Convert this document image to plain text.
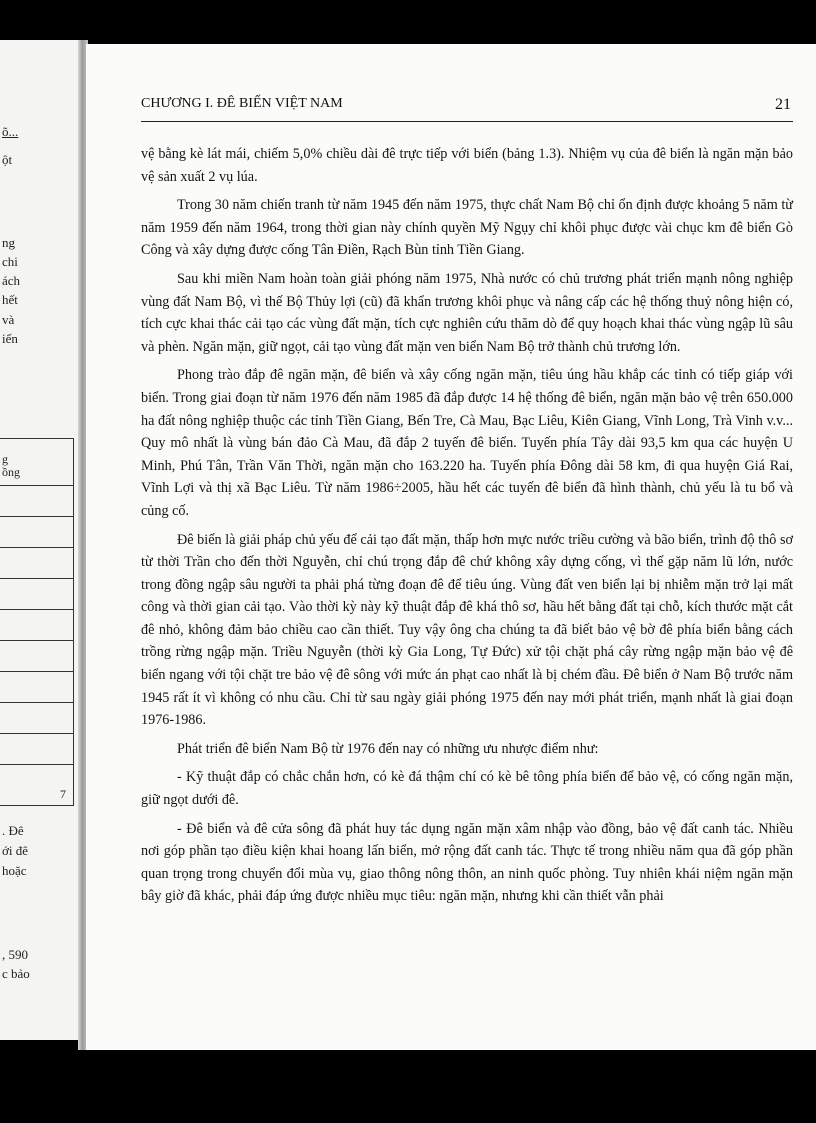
õ...
ột
ng
chi
ách
hết
và
iến
g
ồng
7
. Đê
ới đê
hoặc
, 590
c bảo
CHƯƠNG I. ĐÊ BIỂN VIỆT NAM	21

vệ bằng kè lát mái, chiếm 5,0% chiều dài đê trực tiếp với biển (bảng 1.3). Nhiệm vụ của đê biển là ngăn mặn bảo vệ sản xuất 2 vụ lúa.

Trong 30 năm chiến tranh từ năm 1945 đến năm 1975, thực chất Nam Bộ chỉ ổn định được khoảng 5 năm từ năm 1959 đến năm 1964, trong thời gian này chính quyền Mỹ Ngụy chỉ khôi phục được vài chục km đê biển Gò Công và xây dựng được cống Tân Điền, Rạch Bùn tỉnh Tiền Giang.

Sau khi miền Nam hoàn toàn giải phóng năm 1975, Nhà nước có chủ trương phát triển mạnh nông nghiệp vùng đất Nam Bộ, vì thế Bộ Thủy lợi (cũ) đã khẩn trương khôi phục và nâng cấp các hệ thống thuỷ nông hiện có, tích cực khai thác cải tạo các vùng đất mặn, tích cực nghiên cứu thăm dò để quy hoạch khai thác vùng ngập lũ sâu và phèn. Ngăn mặn, giữ ngọt, cải tạo vùng đất mặn ven biển Nam Bộ trở thành chủ trương lớn.

Phong trào đắp đê ngăn mặn, đê biển và xây cống ngăn mặn, tiêu úng hầu khắp các tỉnh có tiếp giáp với biển. Trong giai đoạn từ năm 1976 đến năm 1985 đã đắp được 14 hệ thống đê biển, ngăn mặn bảo vệ trên 650.000 ha đất nông nghiệp thuộc các tỉnh Tiền Giang, Bến Tre, Cà Mau, Bạc Liêu, Kiên Giang, Vĩnh Long, Trà Vinh v.v... Quy mô nhất là vùng bán đảo Cà Mau, đã đắp 2 tuyến đê biển. Tuyến phía Tây dài 93,5 km qua các huyện U Minh, Phú Tân, Trần Văn Thời, ngăn mặn cho 163.220 ha. Tuyến phía Đông dài 58 km, đi qua huyện Giá Rai, Vĩnh Lợi và thị xã Bạc Liêu. Từ năm 1986÷2005, hầu hết các tuyến đê biển đã hình thành, chủ yếu là tu bổ và củng cố.

Đê biển là giải pháp chủ yếu để cải tạo đất mặn, thấp hơn mực nước triều cường và bão biển, trình độ thô sơ từ thời Trần cho đến thời Nguyễn, chỉ chú trọng đắp đê chứ không xây dựng cống, vì thế gặp năm lũ lớn, nước trong đồng ngập sâu người ta phải phá từng đoạn đê để tiêu úng. Vùng đất ven biển lại bị nhiễm mặn trở lại mất công và thời gian cải tạo. Vào thời kỳ này kỹ thuật đắp đê khá thô sơ, hầu hết bằng đất tại chỗ, kích thước mặt cắt đê nhỏ, không đảm bảo chiều cao cần thiết. Tuy vậy ông cha chúng ta đã biết bảo vệ bờ đê phía biển bằng cách trồng rừng ngập mặn. Triều Nguyễn (thời kỳ Gia Long, Tự Đức) xử tội chặt phá cây rừng ngập mặn bảo vệ đê biển ngang với tội chặt tre bảo vệ đê sông với mức án phạt cao nhất là bị chém đầu. Đê biển ở Nam Bộ trước năm 1945 rất ít vì không có nhu cầu. Chỉ từ sau ngày giải phóng 1975 đến nay mới phát triển, mạnh nhất là giai đoạn 1976-1986.

Phát triển đê biển Nam Bộ từ 1976 đến nay có những ưu nhược điểm như:

- Kỹ thuật đắp có chắc chắn hơn, có kè đá thậm chí có kè bê tông phía biển để bảo vệ, có cống ngăn mặn, giữ ngọt dưới đê.

- Đê biển và đê cửa sông đã phát huy tác dụng ngăn mặn xâm nhập vào đồng, bảo vệ đất canh tác. Nhiều nơi góp phần tạo điều kiện khai hoang lấn biển, mở rộng đất canh tác. Thực tế trong nhiều năm qua đã góp phần quan trọng trong chuyển đổi mùa vụ, giao thông nông thôn, an ninh quốc phòng. Tuy nhiên khái niệm ngăn mặn bây giờ đã khác, phải đáp ứng được nhiều mục tiêu: ngăn mặn, nhưng khi cần thiết vẫn phải
